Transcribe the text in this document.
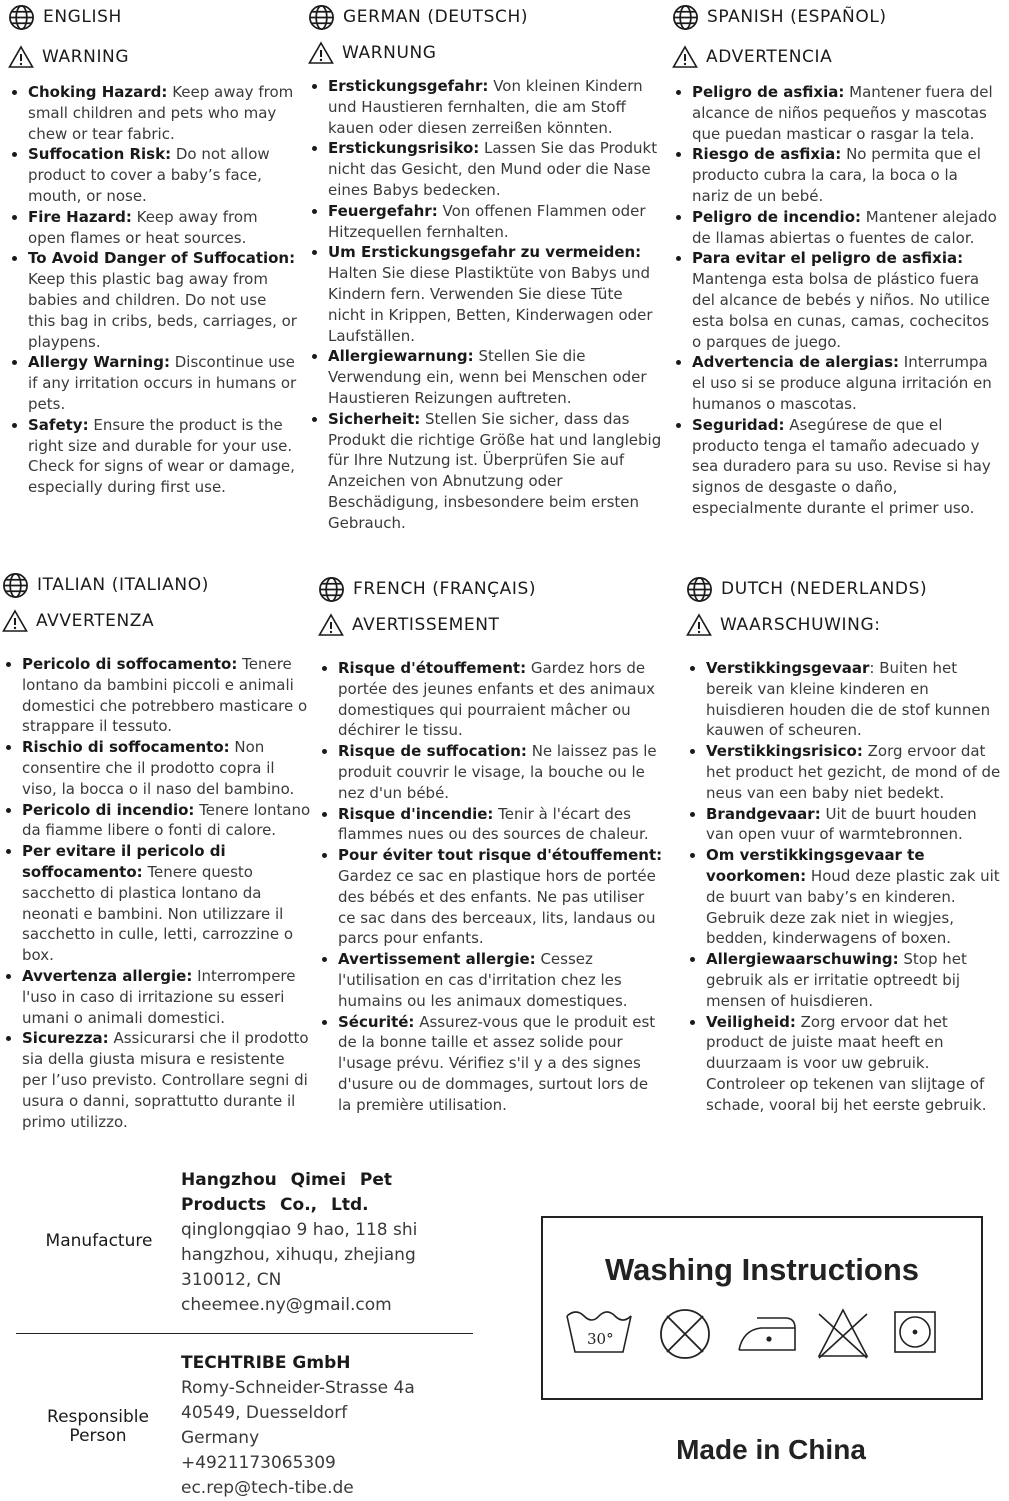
ENGLISH
WARNING
Choking Hazard: Keep away from small children and pets who may chew or tear fabric.
Suffocation Risk: Do not allow product to cover a baby’s face, mouth, or nose.
Fire Hazard: Keep away from open flames or heat sources.
To Avoid Danger of Suffocation: Keep this plastic bag away from babies and children. Do not use this bag in cribs, beds, carriages, or playpens.
Allergy Warning: Discontinue use if any irritation occurs in humans or pets.
Safety: Ensure the product is the right size and durable for your use. Check for signs of wear or damage, especially during first use.
GERMAN (DEUTSCH)
WARNUNG
Erstickungsgefahr: Von kleinen Kindern und Haustieren fernhalten, die am Stoff kauen oder diesen zerreißen könnten.
Erstickungsrisiko: Lassen Sie das Produkt nicht das Gesicht, den Mund oder die Nase eines Babys bedecken.
Feuergefahr: Von offenen Flammen oder Hitzequellen fernhalten.
Um Erstickungsgefahr zu vermeiden: Halten Sie diese Plastiktüte von Babys und Kindern fern. Verwenden Sie diese Tüte nicht in Krippen, Betten, Kinderwagen oder Laufställen.
Allergiewarnung: Stellen Sie die Verwendung ein, wenn bei Menschen oder Haustieren Reizungen auftreten.
Sicherheit: Stellen Sie sicher, dass das Produkt die richtige Größe hat und langlebig für Ihre Nutzung ist. Überprüfen Sie auf Anzeichen von Abnutzung oder Beschädigung, insbesondere beim ersten Gebrauch.
SPANISH (ESPAÑOL)
ADVERTENCIA
Peligro de asfixia: Mantener fuera del alcance de niños pequeños y mascotas que puedan masticar o rasgar la tela.
Riesgo de asfixia: No permita que el producto cubra la cara, la boca o la nariz de un bebé.
Peligro de incendio: Mantener alejado de llamas abiertas o fuentes de calor.
Para evitar el peligro de asfixia: Mantenga esta bolsa de plástico fuera del alcance de bebés y niños. No utilice esta bolsa en cunas, camas, cochecitos o parques de juego.
Advertencia de alergias: Interrumpa el uso si se produce alguna irritación en humanos o mascotas.
Seguridad: Asegúrese de que el producto tenga el tamaño adecuado y sea duradero para su uso. Revise si hay signos de desgaste o daño, especialmente durante el primer uso.
ITALIAN (ITALIANO)
AVVERTENZA
Pericolo di soffocamento: Tenere lontano da bambini piccoli e animali domestici che potrebbero masticare o strappare il tessuto.
Rischio di soffocamento: Non consentire che il prodotto copra il viso, la bocca o il naso del bambino.
Pericolo di incendio: Tenere lontano da fiamme libere o fonti di calore.
Per evitare il pericolo di soffocamento: Tenere questo sacchetto di plastica lontano da neonati e bambini. Non utilizzare il sacchetto in culle, letti, carrozzine o box.
Avvertenza allergie: Interrompere l'uso in caso di irritazione su esseri umani o animali domestici.
Sicurezza: Assicurarsi che il prodotto sia della giusta misura e resistente per l’uso previsto. Controllare segni di usura o danni, soprattutto durante il primo utilizzo.
FRENCH (FRANÇAIS)
AVERTISSEMENT
Risque d'étouffement: Gardez hors de portée des jeunes enfants et des animaux domestiques qui pourraient mâcher ou déchirer le tissu.
Risque de suffocation: Ne laissez pas le produit couvrir le visage, la bouche ou le nez d'un bébé.
Risque d'incendie: Tenir à l'écart des flammes nues ou des sources de chaleur.
Pour éviter tout risque d'étouffement: Gardez ce sac en plastique hors de portée des bébés et des enfants. Ne pas utiliser ce sac dans des berceaux, lits, landaus ou parcs pour enfants.
Avertissement allergie: Cessez l'utilisation en cas d'irritation chez les humains ou les animaux domestiques.
Sécurité: Assurez-vous que le produit est de la bonne taille et assez solide pour l'usage prévu. Vérifiez s'il y a des signes d'usure ou de dommages, surtout lors de la première utilisation.
DUTCH (NEDERLANDS)
WAARSCHUWING:
Verstikkingsgevaar: Buiten het bereik van kleine kinderen en huisdieren houden die de stof kunnen kauwen of scheuren.
Verstikkingsrisico: Zorg ervoor dat het product het gezicht, de mond of de neus van een baby niet bedekt.
Brandgevaar: Uit de buurt houden van open vuur of warmtebronnen.
Om verstikkingsgevaar te voorkomen: Houd deze plastic zak uit de buurt van baby’s en kinderen. Gebruik deze zak niet in wiegjes, bedden, kinderwagens of boxen.
Allergiewaarschuwing: Stop het gebruik als er irritatie optreedt bij mensen of huisdieren.
Veiligheid: Zorg ervoor dat het product de juiste maat heeft en duurzaam is voor uw gebruik. Controleer op tekenen van slijtage of schade, vooral bij het eerste gebruik.
Manufacture
Hangzhou Qimei Pet Products Co., Ltd.
qinglongqiao 9 hao, 118 shi
hangzhou, xihuqu, zhejiang
310012, CN
cheemee.ny@gmail.com
Responsible
Person
TECHTRIBE GmbH
Romy-Schneider-Strasse 4a
40549, Duesseldorf
Germany
+4921173065309
ec.rep@tech-tibe.de
Washing Instructions
30°
Made in China
